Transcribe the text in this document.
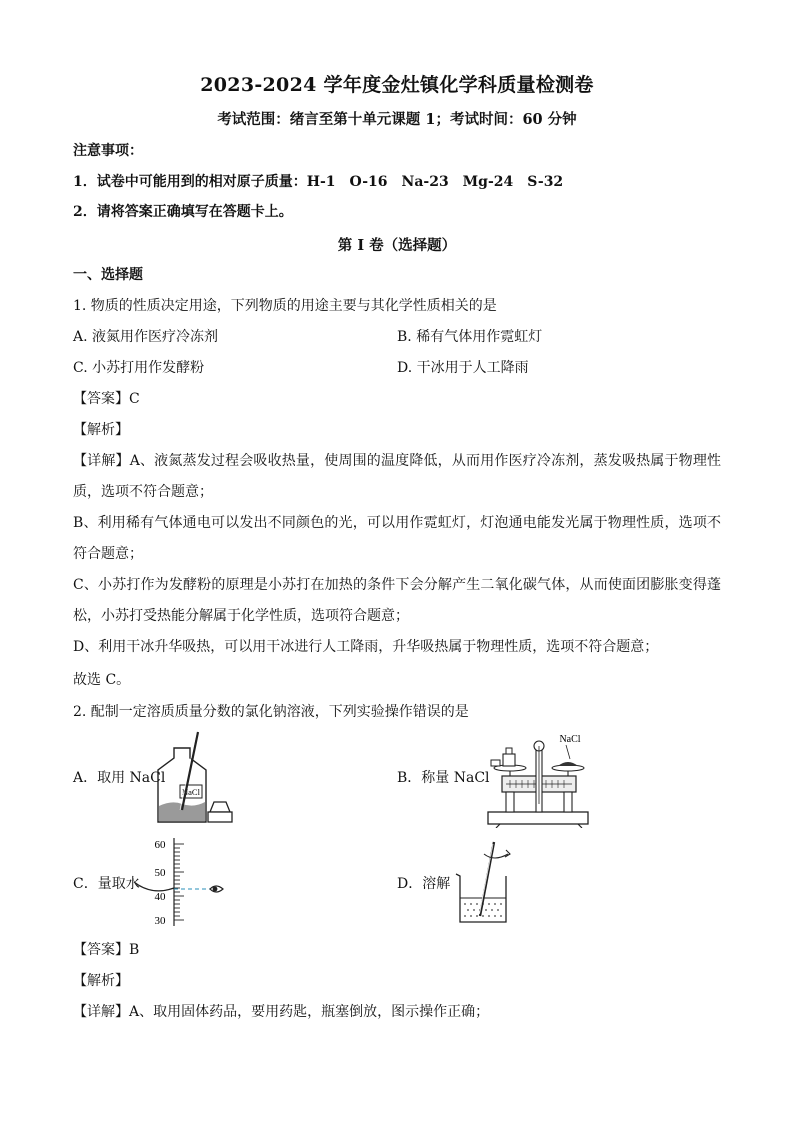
2023-2024 学年度金灶镇化学科质量检测卷
考试范围：绪言至第十单元课题 1；考试时间：60 分钟
注意事项：
1．试卷中可能用到的相对原子质量：H-1　O-16　Na-23　Mg-24　S-32
2．请将答案正确填写在答题卡上。
第 I 卷（选择题）
一、选择题
1. 物质的性质决定用途，下列物质的用途主要与其化学性质相关的是
A. 液氮用作医疗冷冻剂	B. 稀有气体用作霓虹灯
C. 小苏打用作发酵粉	D. 干冰用于人工降雨
【答案】C
【解析】
【详解】A、液氮蒸发过程会吸收热量，使周围的温度降低，从而用作医疗冷冻剂，蒸发吸热属于物理性质，选项不符合题意；
B、利用稀有气体通电可以发出不同颜色的光，可以用作霓虹灯，灯泡通电能发光属于物理性质，选项不符合题意；
C、小苏打作为发酵粉的原理是小苏打在加热的条件下会分解产生二氧化碳气体，从而使面团膨胀变得蓬松，小苏打受热能分解属于化学性质，选项符合题意；
D、利用干冰升华吸热，可以用干冰进行人工降雨，升华吸热属于物理性质，选项不符合题意；
故选 C。
2. 配制一定溶质质量分数的氯化钠溶液，下列实验操作错误的是
A．取用 NaCl
NaCl
B．称量 NaCl
NaCl
C．量取水
60
50
40
30
D．溶解
【答案】B
【解析】
【详解】A、取用固体药品，要用药匙，瓶塞倒放，图示操作正确；
